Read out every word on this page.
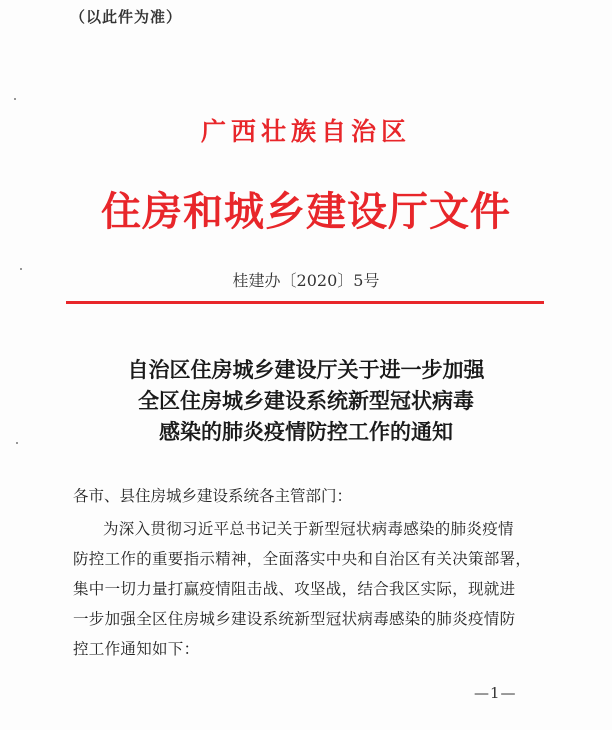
（以此件为准）
广西壮族自治区
住房和城乡建设厅文件
桂建办〔2020〕5号
自治区住房城乡建设厅关于进一步加强
全区住房城乡建设系统新型冠状病毒
感染的肺炎疫情防控工作的通知
各市、县住房城乡建设系统各主管部门：
为深入贯彻习近平总书记关于新型冠状病毒感染的肺炎疫情
防控工作的重要指示精神，全面落实中央和自治区有关决策部署，
集中一切力量打赢疫情阻击战、攻坚战，结合我区实际，现就进
一步加强全区住房城乡建设系统新型冠状病毒感染的肺炎疫情防
控工作通知如下：
—1—
